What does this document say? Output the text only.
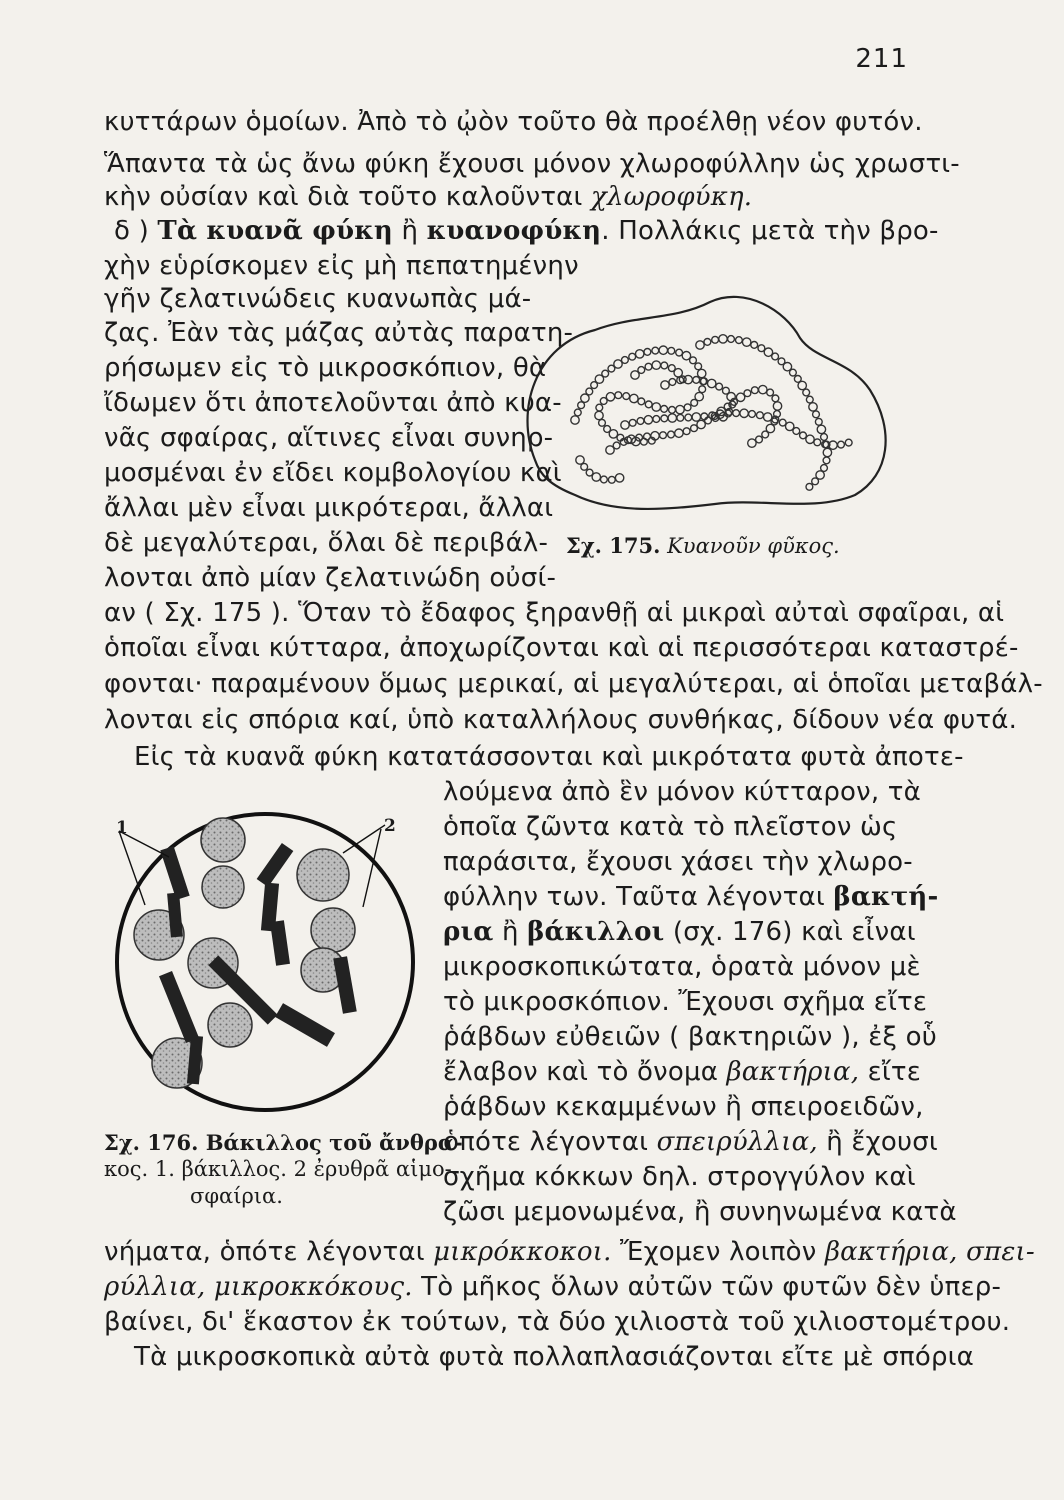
211
κυττάρων ὁμοίων. Ἀπὸ τὸ ᾠὸν τοῦτο θὰ προέλθῃ νέον φυτόν.
Ἅπαντα τὰ ὡς ἄνω φύκη ἔχουσι μόνον χλωροφύλλην ὡς χρωστι-
κὴν οὐσίαν καὶ διὰ τοῦτο καλοῦνται χλωροφύκη.
δ ) Τὰ κυανᾶ φύκη ἢ κυανοφύκη. Πολλάκις μετὰ τὴν βρο-
χὴν εὑρίσκομεν εἰς μὴ πεπατημένην
γῆν ζελατινώδεις κυανωπὰς μά-
ζας. Ἐὰν τὰς μάζας αὐτὰς παρατη-
ρήσωμεν εἰς τὸ μικροσκόπιον, θὰ
ἴδωμεν ὅτι ἀποτελοῦνται ἀπὸ κυα-
νᾶς σφαίρας, αἵτινες εἶναι συνηρ-
μοσμέναι ἐν εἴδει κομβολογίου καὶ
ἄλλαι μὲν εἶναι μικρότεραι, ἄλλαι
δὲ μεγαλύτεραι, ὅλαι δὲ περιβάλ-
λονται ἀπὸ μίαν ζελατινώδη οὐσί-
αν ( Σχ. 175 ). Ὅταν τὸ ἔδαφος ξηρανθῇ αἱ μικραὶ αὐταὶ σφαῖραι, αἱ
ὁποῖαι εἶναι κύτταρα, ἀποχωρίζονται καὶ αἱ περισσότεραι καταστρέ-
φονται· παραμένουν ὅμως μερικαί, αἱ μεγαλύτεραι, αἱ ὁποῖαι μεταβάλ-
λονται εἰς σπόρια καί, ὑπὸ καταλλήλους συνθήκας, δίδουν νέα φυτά.
Σχ. 175. Κυανοῦν φῦκος.
Εἰς τὰ κυανᾶ φύκη κατατάσσονται καὶ μικρότατα φυτὰ ἀποτε-
λούμενα ἀπὸ ἓν μόνον κύτταρον, τὰ
ὁποῖα ζῶντα κατὰ τὸ πλεῖστον ὡς
παράσιτα, ἔχουσι χάσει τὴν χλωρο-
φύλλην των. Ταῦτα λέγονται βακτή-
ρια ἢ βάκιλλοι (σχ. 176) καὶ εἶναι
μικροσκοπικώτατα, ὁρατὰ μόνον μὲ
τὸ μικροσκόπιον. Ἔχουσι σχῆμα εἴτε
ῥάβδων εὐθειῶν ( βακτηριῶν ), ἐξ οὗ
ἔλαβον καὶ τὸ ὄνομα βακτήρια, εἴτε
ῥάβδων κεκαμμένων ἢ σπειροειδῶν,
ὁπότε λέγονται σπειρύλλια, ἢ ἔχουσι
σχῆμα κόκκων δηλ. στρογγύλον καὶ
ζῶσι μεμονωμένα, ἢ συνηνωμένα κατὰ
νήματα, ὁπότε λέγονται μικρόκκοκοι. Ἔχομεν λοιπὸν βακτήρια, σπει-
ρύλλια, μικροκκόκους. Τὸ μῆκος ὅλων αὐτῶν τῶν φυτῶν δὲν ὑπερ-
βαίνει, δι' ἕκαστον ἐκ τούτων, τὰ δύο χιλιοστὰ τοῦ χιλιοστομέτρου.
Τὰ μικροσκοπικὰ αὐτὰ φυτὰ πολλαπλασιάζονται εἴτε μὲ σπόρια
1	2
Σχ. 176. Βάκιλλος τοῦ ἄνθρα-
κος. 1. βάκιλλος. 2 ἐρυθρᾶ αἱμο-
σφαίρια.
